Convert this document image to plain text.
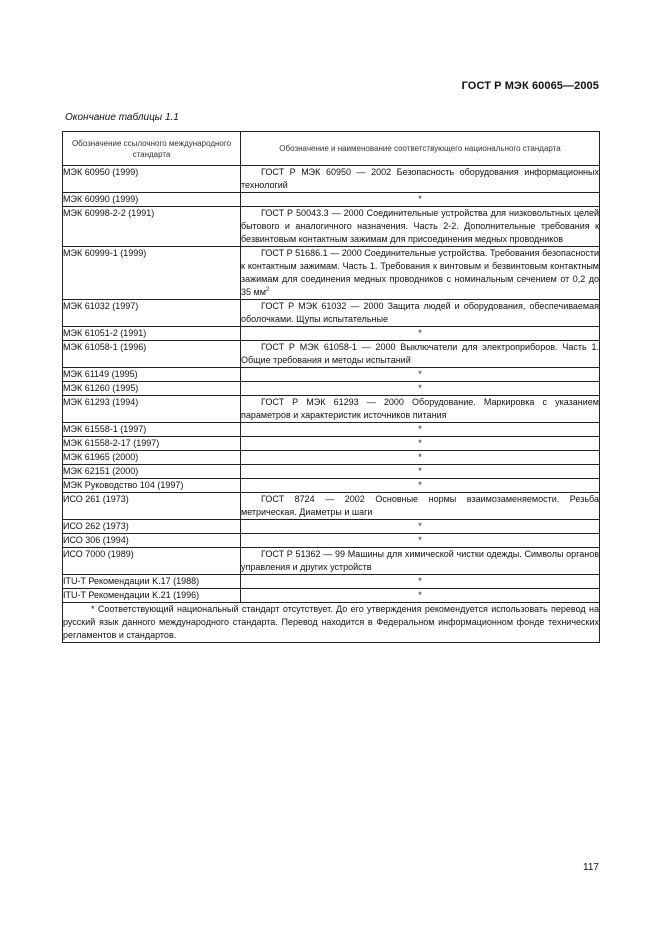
ГОСТ Р МЭК 60065—2005
Окончание таблицы 1.1
Обозначение ссылочного международного стандарта	Обозначение и наименование соответствующего национального стандарта
МЭК 60950 (1999)	ГОСТ Р МЭК 60950 — 2002 Безопасность оборудования информационных технологий

МЭК 60990 (1999)	*
МЭК 60998-2-2 (1991)	ГОСТ Р 50043.3 — 2000 Соединительные устройства для низковольтных целей бытового и аналогичного назначения. Часть 2-2. Дополнительные требования к безвинтовым контактным зажимам для присоединения медных проводников

МЭК 60999-1 (1999)	ГОСТ Р 51686.1 — 2000 Соединительные устройства. Требования безопасности к контактным зажимам. Часть 1. Требования к винтовым и безвинтовым контактным зажимам для соединения медных проводников с номинальным сечением от 0,2 до 35 $мм^2$

МЭК 61032 (1997)	ГОСТ Р МЭК 61032 — 2000 Защита людей и оборудования, обеспечиваемая оболочками. Щупы испытательные

МЭК 61051-2 (1991)	*
МЭК 61058-1 (1996)	ГОСТ Р МЭК 61058-1 — 2000 Выключатели для электроприборов. Часть 1. Общие требования и методы испытаний

МЭК 61149 (1995)	*
МЭК 61260 (1995)	*
МЭК 61293 (1994)	ГОСТ Р МЭК 61293 — 2000 Оборудование. Маркировка с указанием параметров и характеристик источников питания

МЭК 61558-1 (1997)	*
МЭК 61558-2-17 (1997)	*
МЭК 61965 (2000)	*
МЭК 62151 (2000)	*
МЭК Руководство 104 (1997)	*
ИСО 261 (1973)	ГОСТ 8724 — 2002 Основные нормы взаимозаменяемости. Резьба метрическая. Диаметры и шаги

ИСО 262 (1973)	*
ИСО 306 (1994)	*
ИСО 7000 (1989)	ГОСТ Р 51362 — 99 Машины для химической чистки одежды. Символы органов управления и других устройств

ITU-T Рекомендации K.17 (1988)	*
ITU-T Рекомендации K.21 (1996)	*

* Соответствующий национальный стандарт отсутствует. До его утверждения рекомендуется использовать перевод на русский язык данного международного стандарта. Перевод находится в Федеральном информационном фонде технических регламентов и стандартов.	
117
